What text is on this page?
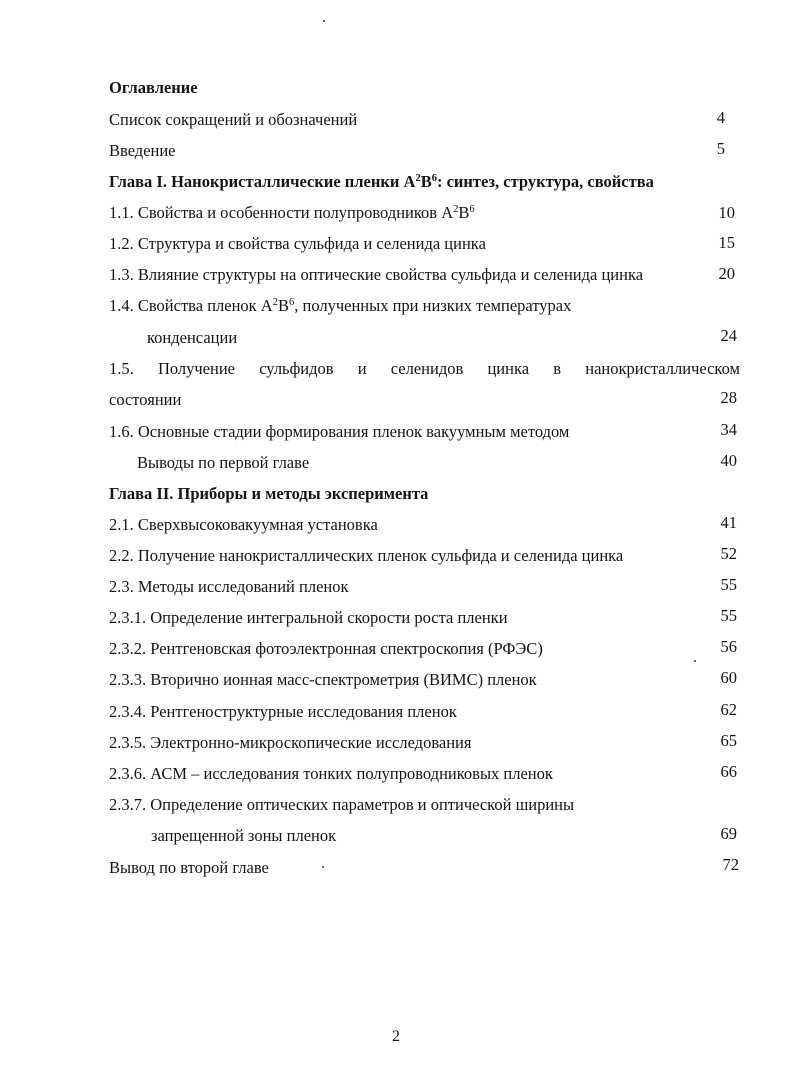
Оглавление
Список сокращений и обозначений	4
Введение	5
Глава I. Нанокристаллические пленки $A^2B^6$: синтез, структура, свойства
1.1. Свойства и особенности полупроводников $A^2B^6$	10
1.2. Структура и свойства сульфида и селенида цинка	15
1.3. Влияние структуры на оптические свойства сульфида и селенида цинка	20
1.4. Свойства пленок $A^2B^6$, полученных при низких температурах
конденсации	24
1.5. Получение сульфидов и селенидов цинка в нанокристаллическом
состоянии	28
1.6. Основные стадии формирования пленок вакуумным методом	34
Выводы по первой главе	40
Глава II. Приборы и методы эксперимента
2.1. Сверхвысоковакуумная установка	41
2.2. Получение нанокристаллических пленок сульфида и селенида цинка	52
2.3. Методы исследований пленок	55
2.3.1. Определение интегральной скорости роста пленки	55
2.3.2. Рентгеновская фотоэлектронная спектроскопия (РФЭС)	56
2.3.3. Вторично ионная масс-спектрометрия (ВИМС) пленок	60
2.3.4. Рентгеноструктурные исследования пленок	62
2.3.5. Электронно-микроскопические исследования	65
2.3.6. АСМ – исследования тонких полупроводниковых пленок	66
2.3.7. Определение оптических параметров и оптической ширины
запрещенной зоны пленок	69
Вывод по второй главе	72
2
